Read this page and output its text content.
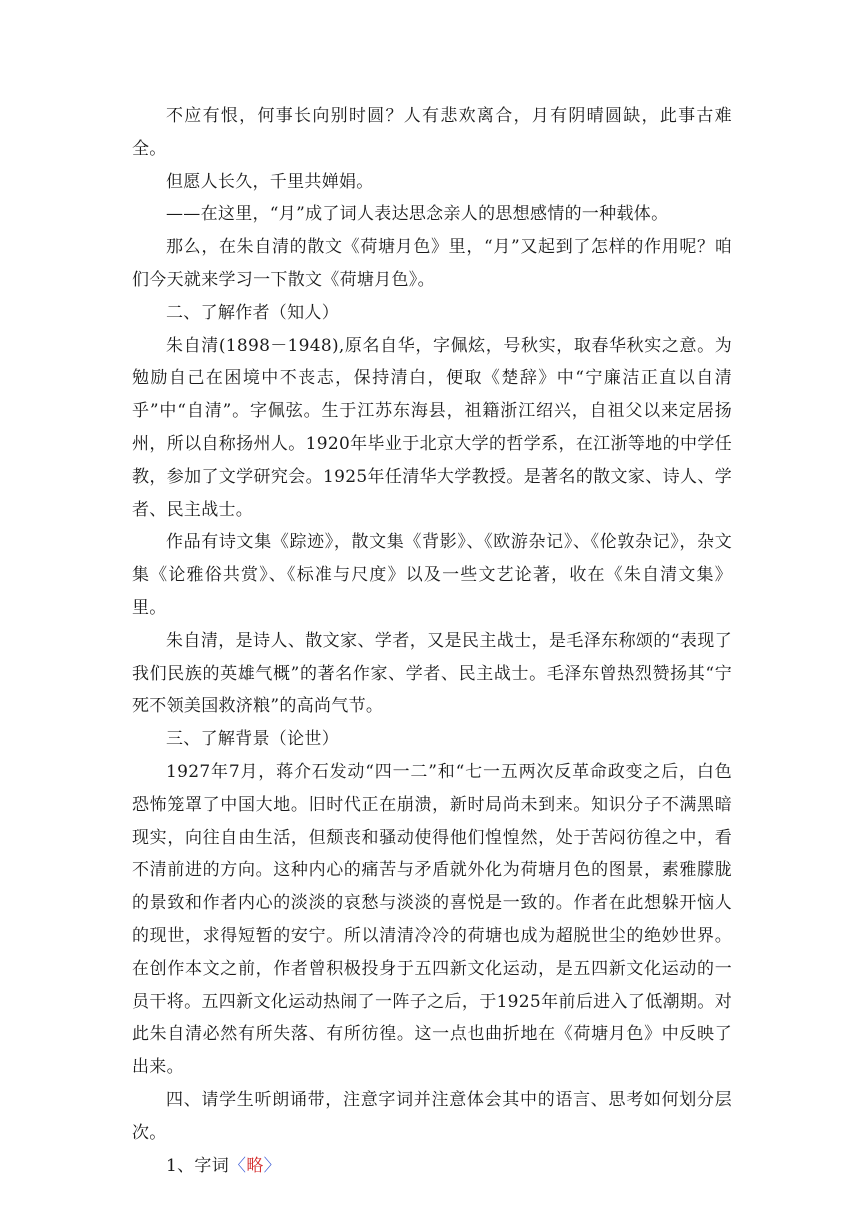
不应有恨，何事长向别时圆？人有悲欢离合，月有阴晴圆缺，此事古难全。

但愿人长久，千里共婵娟。

——在这里，“月”成了词人表达思念亲人的思想感情的一种载体。

那么，在朱自清的散文《荷塘月色》里，“月”又起到了怎样的作用呢？咱们今天就来学习一下散文《荷塘月色》。

二、了解作者（知人）

朱自清(1898－1948),原名自华，字佩炫，号秋实，取春华秋实之意。为勉励自己在困境中不丧志，保持清白，便取《楚辞》中“宁廉洁正直以自清乎”中“自清”。字佩弦。生于江苏东海县，祖籍浙江绍兴，自祖父以来定居扬州，所以自称扬州人。1920年毕业于北京大学的哲学系，在江浙等地的中学任教，参加了文学研究会。1925年任清华大学教授。是著名的散文家、诗人、学者、民主战士。

作品有诗文集《踪迹》，散文集《背影》、《欧游杂记》、《伦敦杂记》，杂文集《论雅俗共赏》、《标准与尺度》以及一些文艺论著，收在《朱自清文集》里。

朱自清，是诗人、散文家、学者，又是民主战士，是毛泽东称颂的“表现了我们民族的英雄气概”的著名作家、学者、民主战士。毛泽东曾热烈赞扬其“宁死不领美国救济粮”的高尚气节。

三、了解背景（论世）

1927年7月，蒋介石发动“四一二”和“七一五两次反革命政变之后，白色恐怖笼罩了中国大地。旧时代正在崩溃，新时局尚未到来。知识分子不满黑暗现实，向往自由生活，但颓丧和骚动使得他们惶惶然，处于苦闷彷徨之中，看不清前进的方向。这种内心的痛苦与矛盾就外化为荷塘月色的图景，素雅朦胧的景致和作者内心的淡淡的哀愁与淡淡的喜悦是一致的。作者在此想躲开恼人的现世，求得短暂的安宁。所以清清冷冷的荷塘也成为超脱世尘的绝妙世界。在创作本文之前，作者曾积极投身于五四新文化运动，是五四新文化运动的一员干将。五四新文化运动热闹了一阵子之后，于1925年前后进入了低潮期。对此朱自清必然有所失落、有所彷徨。这一点也曲折地在《荷塘月色》中反映了出来。

四、请学生听朗诵带，注意字词并注意体会其中的语言、思考如何划分层次。

1、字词〈略〉
